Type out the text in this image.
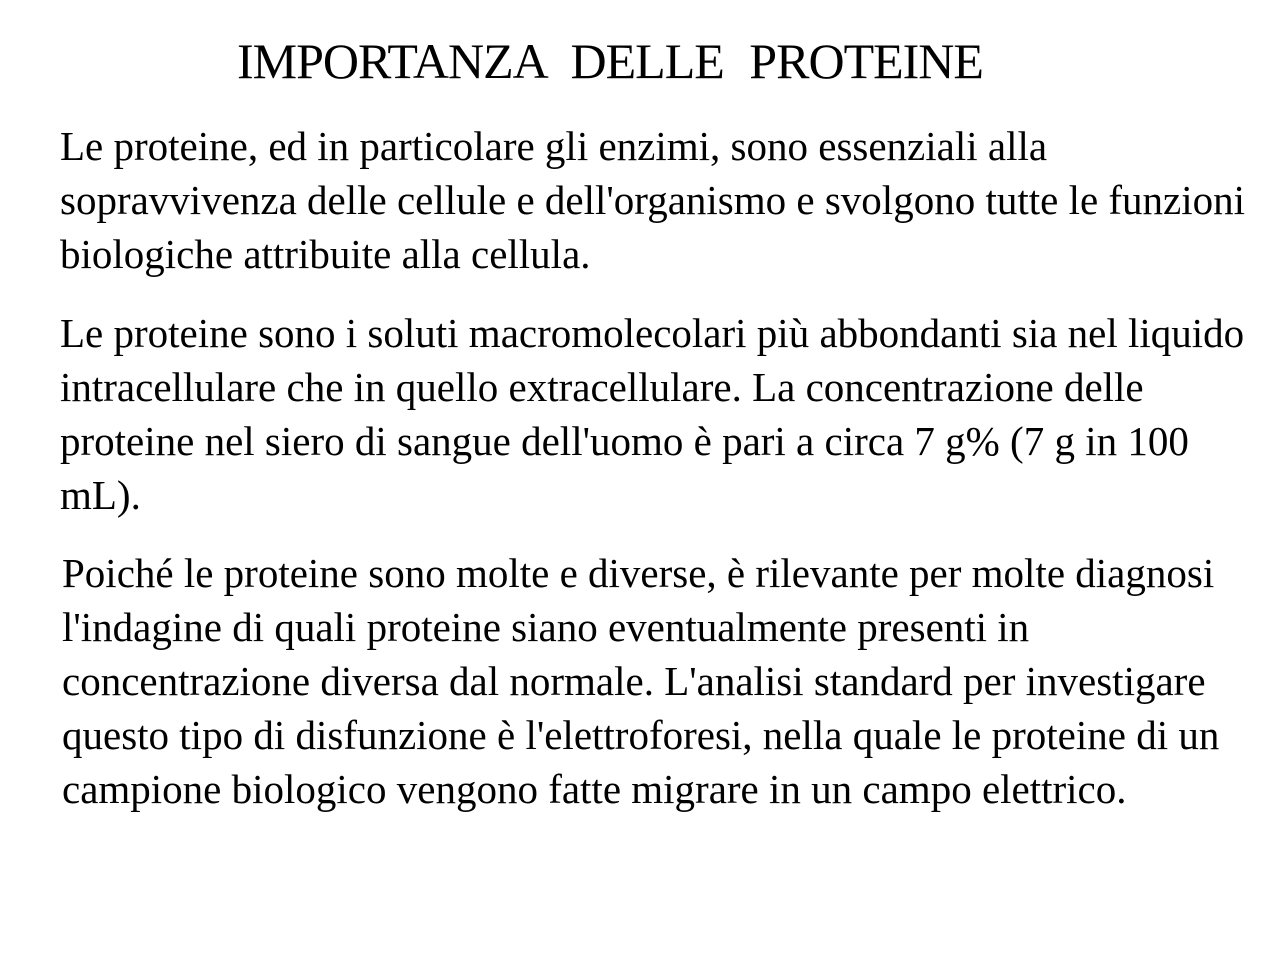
IMPORTANZA DELLE PROTEINE

Le proteine, ed in particolare gli enzimi, sono essenziali alla sopravvivenza delle cellule e dell'organismo e svolgono tutte le funzioni biologiche attribuite alla cellula.

Le proteine sono i soluti macromolecolari più abbondanti sia nel liquido intracellulare che in quello extracellulare. La concentrazione delle proteine nel siero di sangue dell'uomo è pari a circa 7 g% (7 g in 100 mL).

Poiché le proteine sono molte e diverse, è rilevante per molte diagnosi l'indagine di quali proteine siano eventualmente presenti in concentrazione diversa dal normale. L'analisi standard per investigare questo tipo di disfunzione è l'elettroforesi, nella quale le proteine di un campione biologico vengono fatte migrare in un campo elettrico.
